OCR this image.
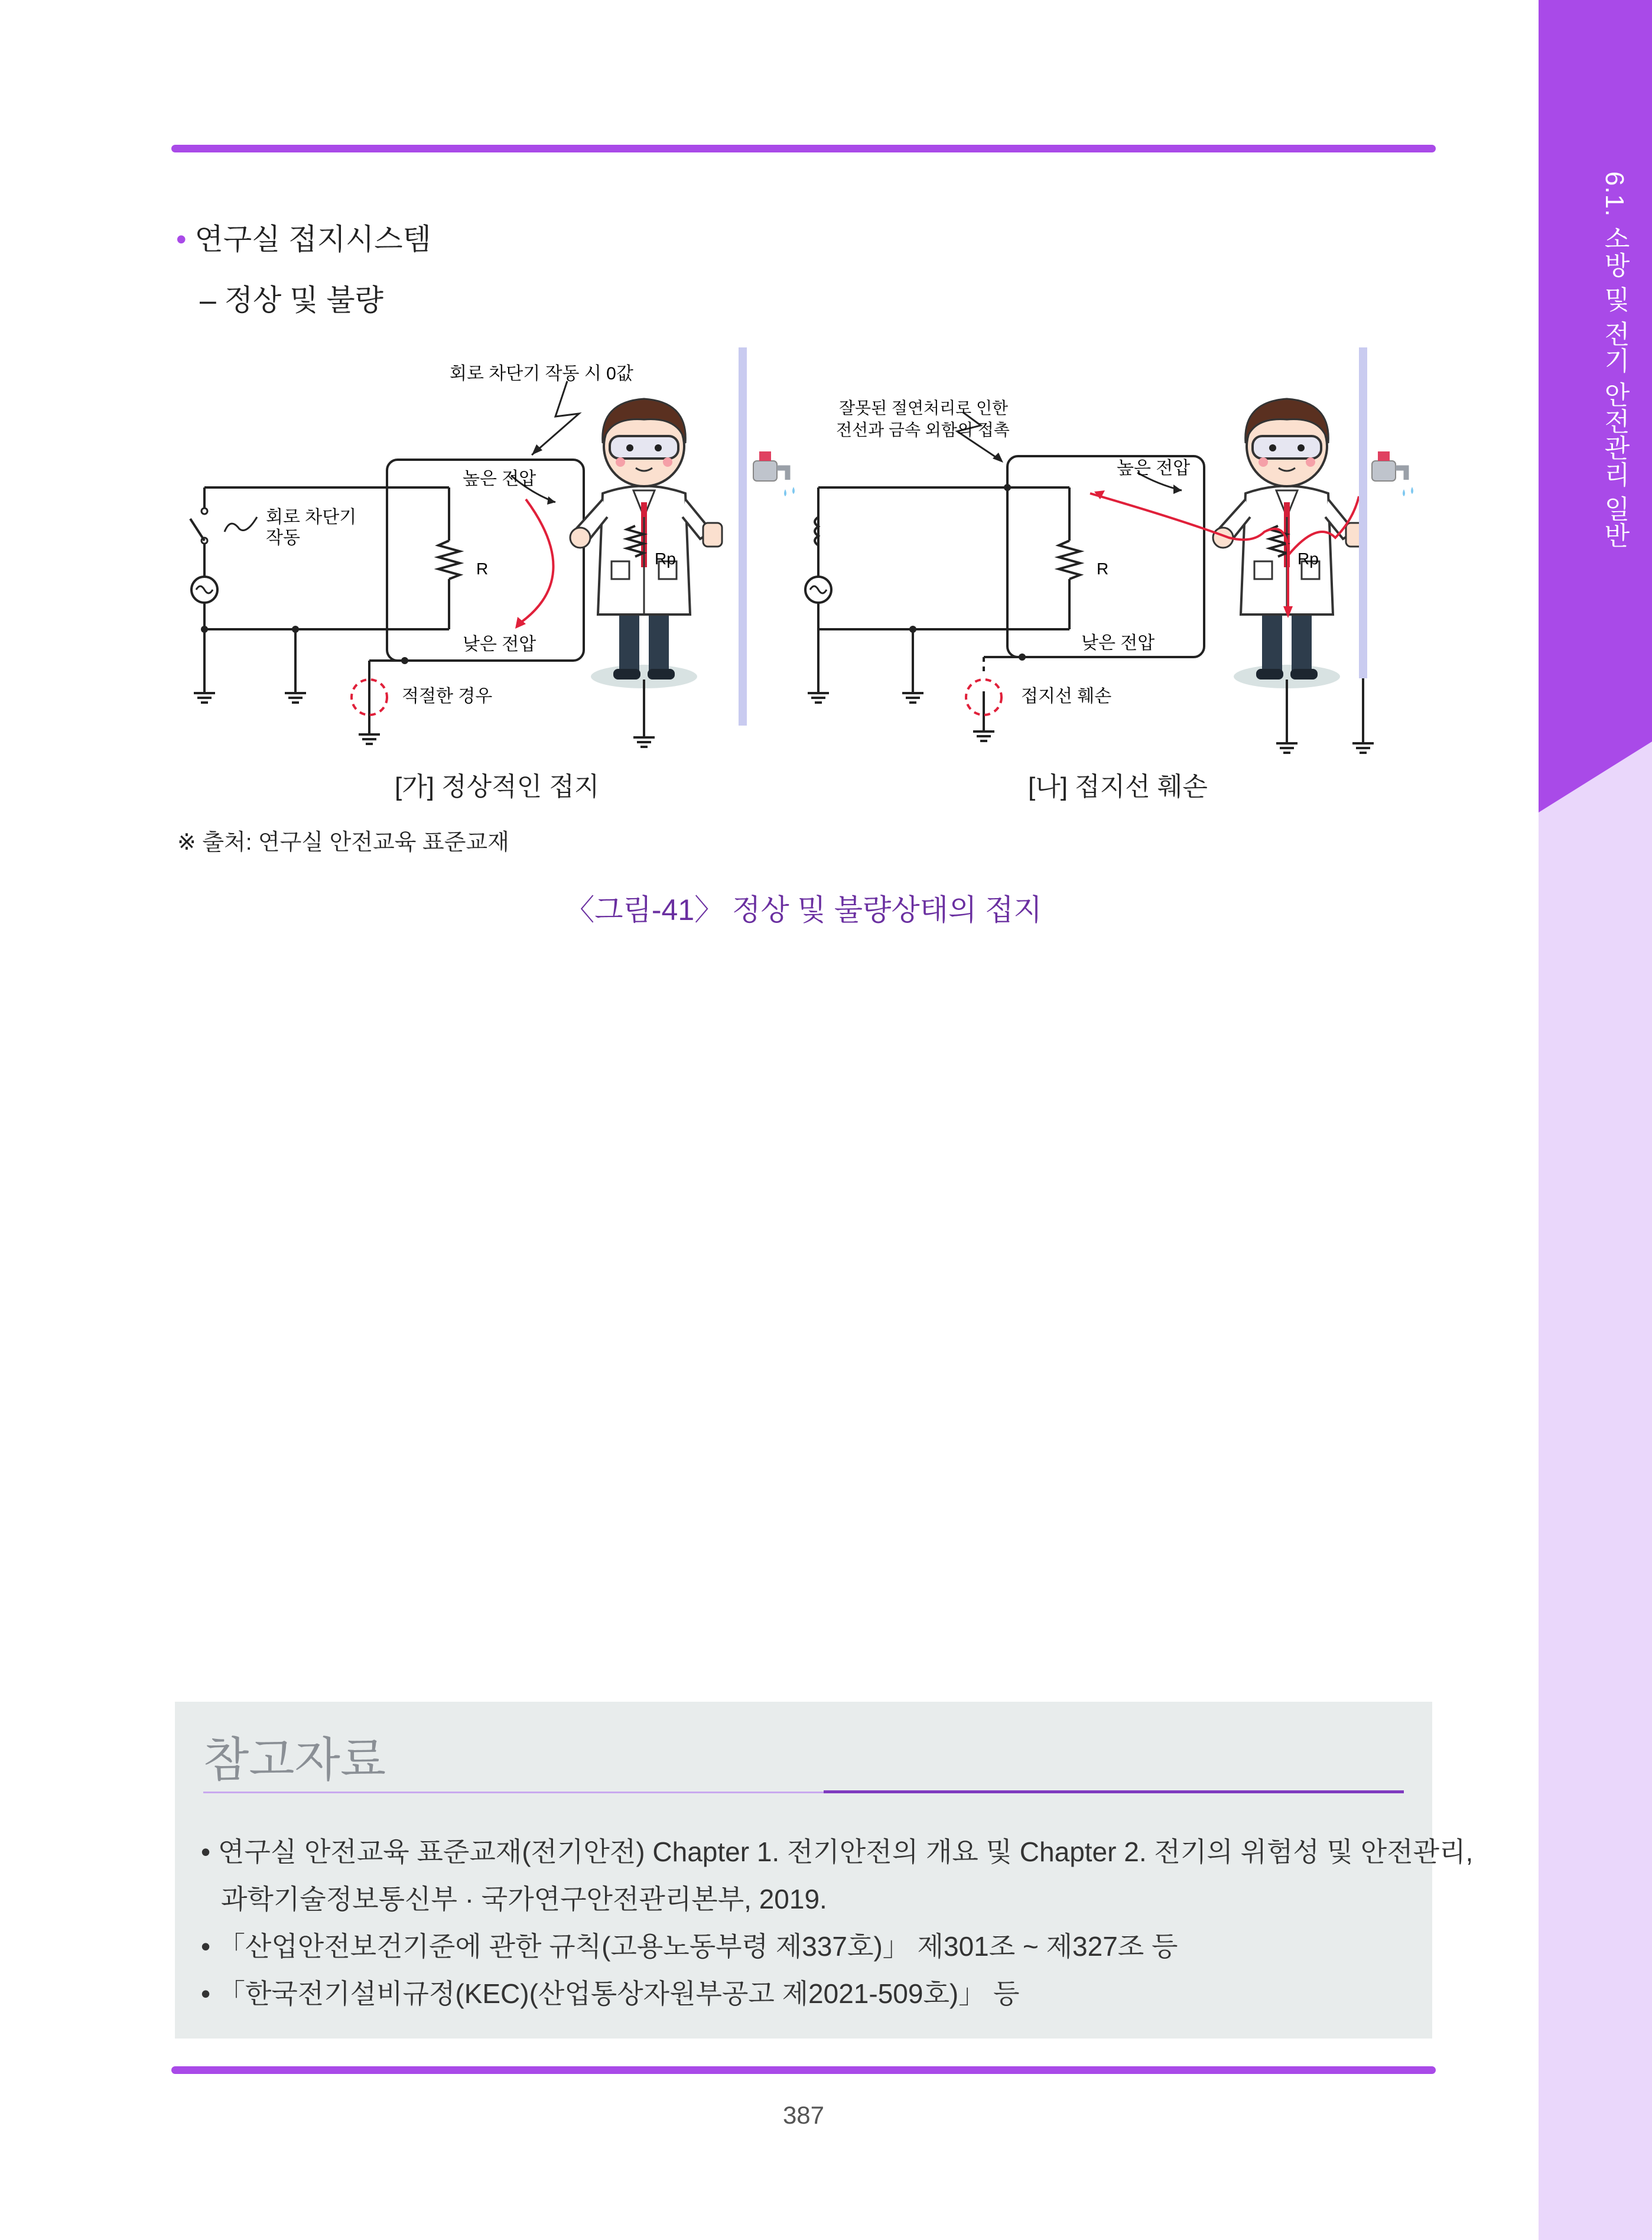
6.1. 소방 및 전기 안전관리 일반
• 연구실 접지시스템
– 정상 및 불량
회로 차단기 작동 시 0값
높은 전압
낮은 전압
회로 차단기
작동
R
Rp
적절한 경우
잘못된 절연처리로 인한
전선과 금속 외함의 접촉
높은 전압
낮은 전압
R
Rp
접지선 훼손
[가] 정상적인 접지	[나] 접지선 훼손
※ 출처: 연구실 안전교육 표준교재
〈그림-41〉 정상 및 불량상태의 접지
참고자료
• 연구실 안전교육 표준교재(전기안전) Chapter 1. 전기안전의 개요 및 Chapter 2. 전기의 위험성 및 안전관리,
과학기술정보통신부 · 국가연구안전관리본부, 2019.
• 「산업안전보건기준에 관한 규칙(고용노동부령 제337호)」 제301조 ~ 제327조 등
• 「한국전기설비규정(KEC)(산업통상자원부공고 제2021-509호)」 등
387
